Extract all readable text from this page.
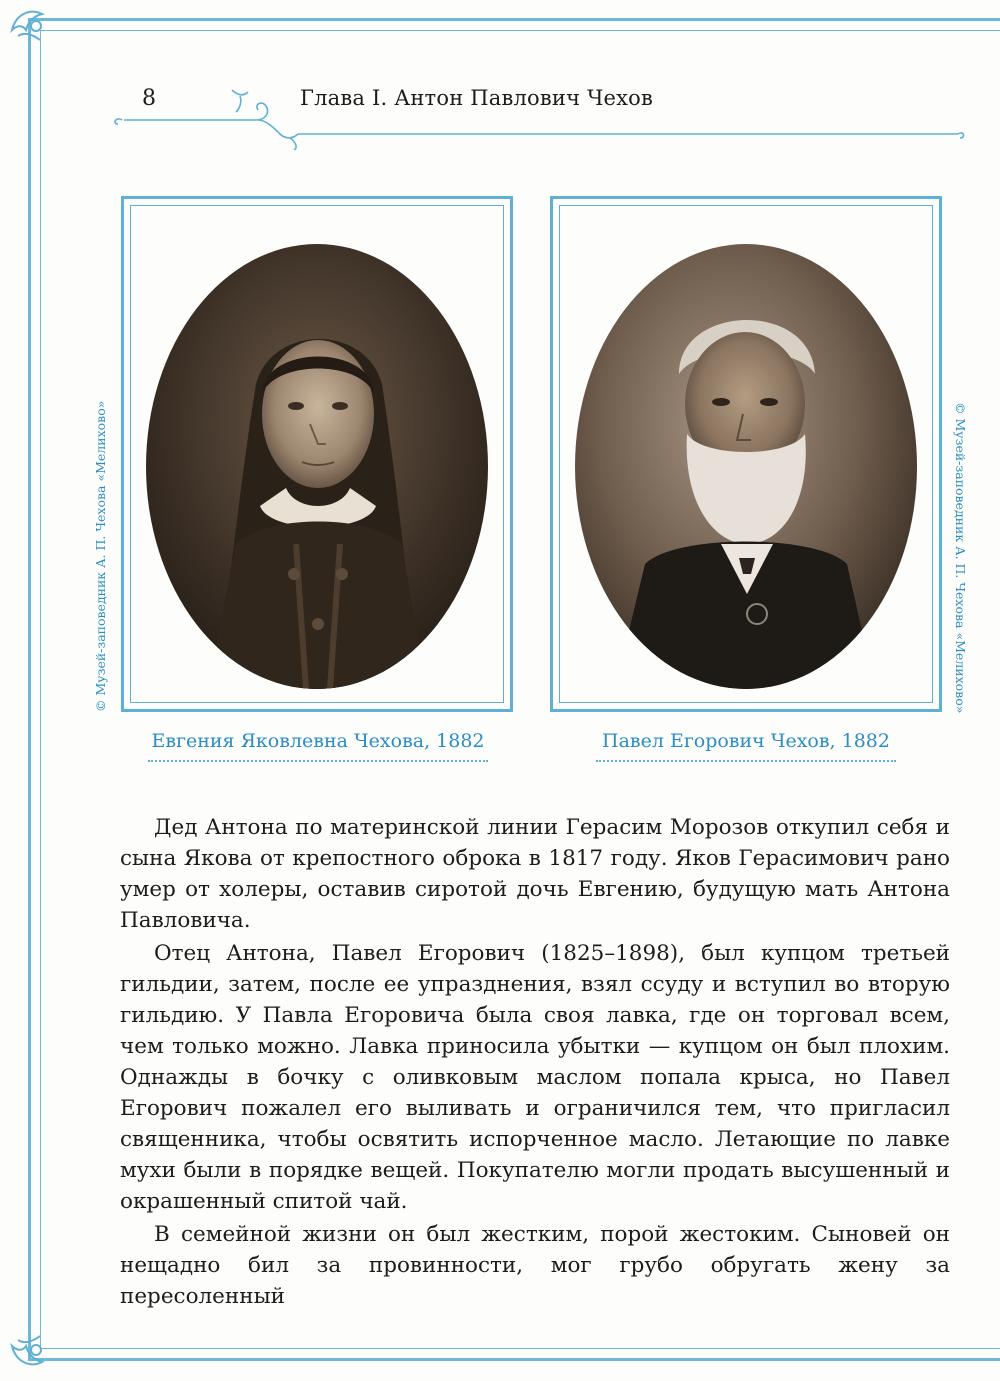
8	Глава I. Антон Павлович Чехов
Евгения Яковлевна Чехова, 1882	Павел Егорович Чехов, 1882
© Музей-заповедник А. П. Чехова «Мелихово»	© Музей-заповедник А. П. Чехова «Мелихово»

Дед Антона по материнской линии Герасим Морозов откупил себя и сына Якова от крепостного оброка в 1817 году. Яков Герасимович рано умер от холеры, оставив сиротой дочь Евгению, будущую мать Антона Павловича.

Отец Антона, Павел Егорович (1825–1898), был купцом третьей гильдии, затем, после ее упразднения, взял ссуду и вступил во вторую гильдию. У Павла Егоровича была своя лавка, где он торговал всем, чем только можно. Лавка приносила убытки — купцом он был плохим. Однажды в бочку с оливковым маслом попала крыса, но Павел Егорович пожалел его выливать и ограничился тем, что пригласил священника, чтобы освятить испорченное масло. Летающие по лавке мухи были в порядке вещей. Покупателю могли продать высушенный и окрашенный спитой чай.

В семейной жизни он был жестким, порой жестоким. Сыновей он нещадно бил за провинности, мог грубо обругать жену за пересоленный
